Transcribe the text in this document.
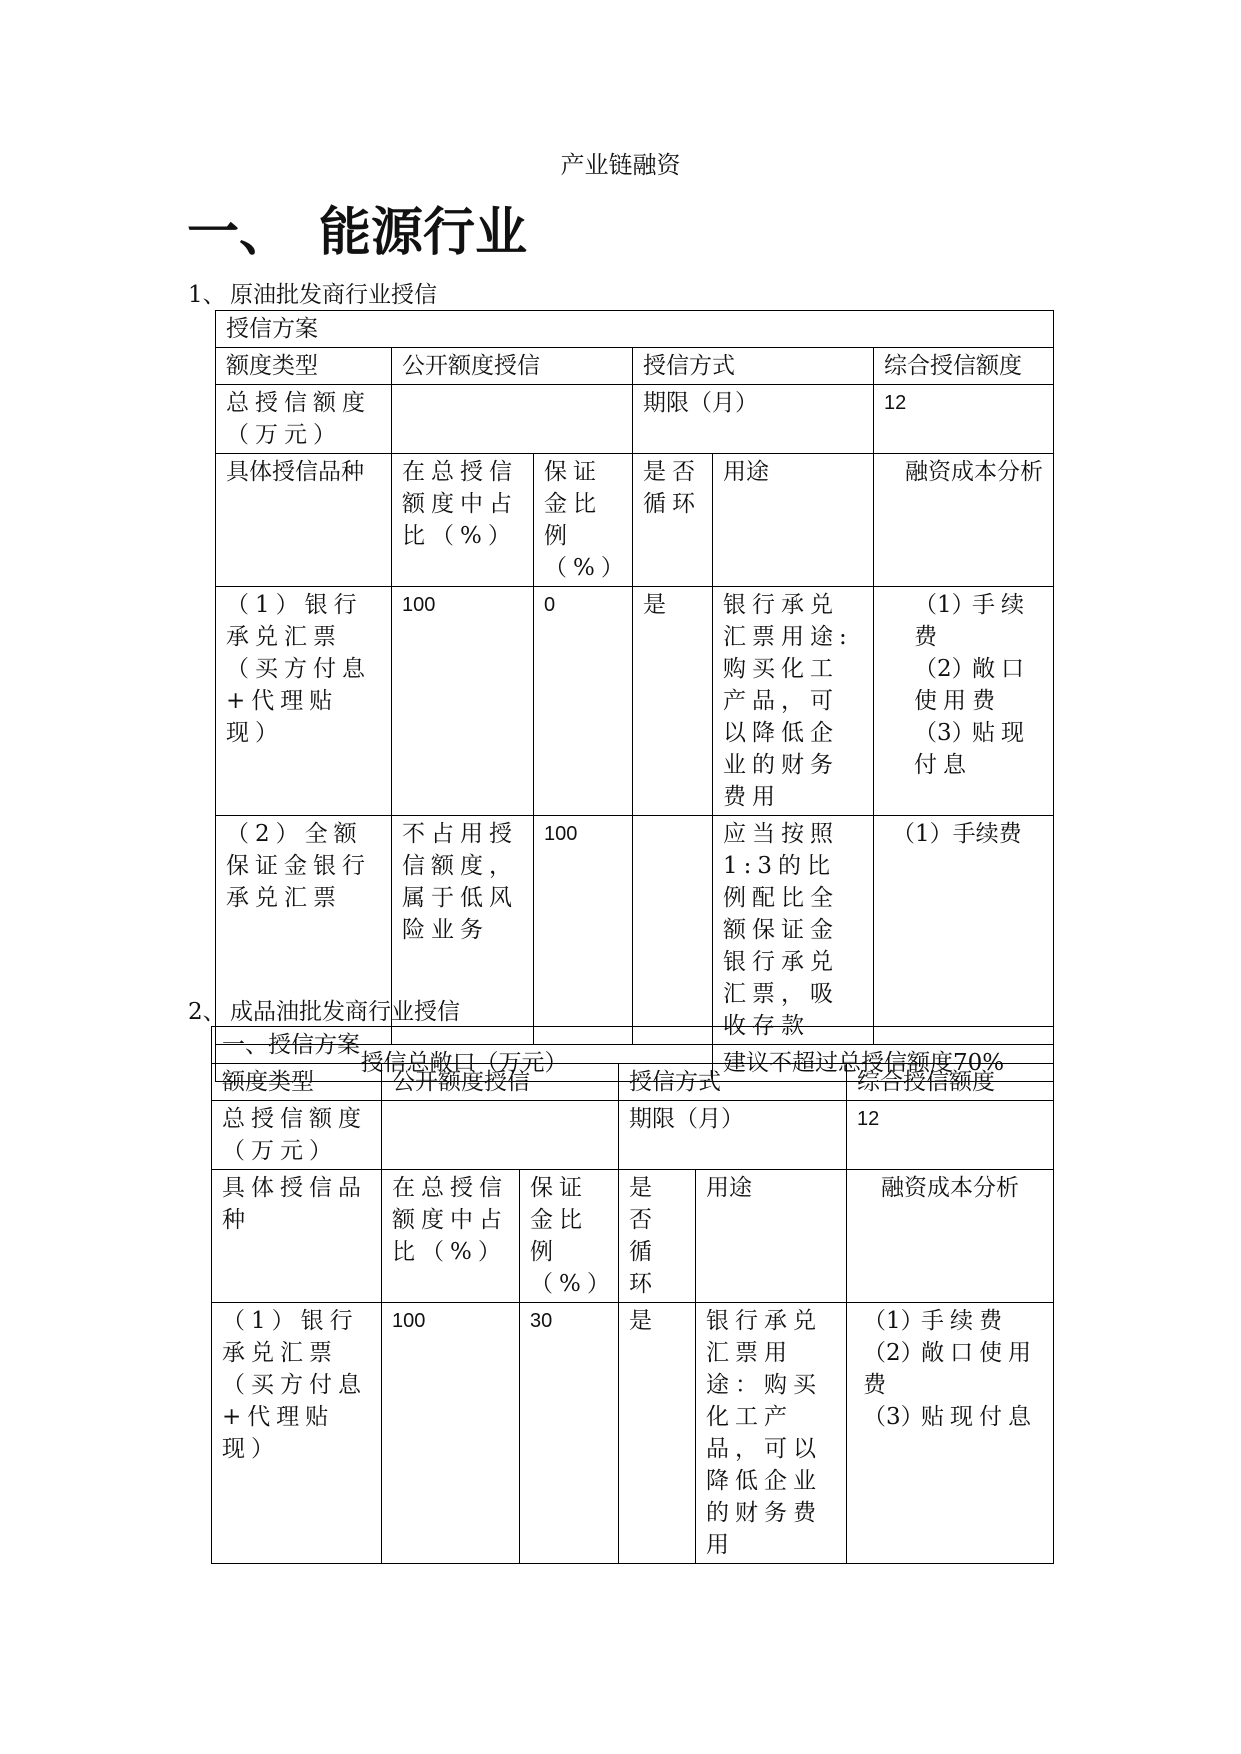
产业链融资
一、 能源行业
1、 原油批发商行业授信
授信方案					
额度类型	公开额度授信		授信方式		综合授信额度
总授信额度（万元）			期限（月）		12
具体授信品种	在总授信额度中占比（%）	保证金比例（%）	是否循环	用途	融资成本分析
（1）银行承兑汇票（买方付息+代理贴现）	100	0	是	银行承兑汇票用途:购买化工产品，可以降低企业的财务费用	（1）手续费
（2）敞口使用费
（3）贴现付息

（2）全额保证金银行承兑汇票	不占用授信额度，属于低风险业务	100		应当按照1:3的比例配比全额保证金银行承兑汇票，吸收存款	（1）手续费
授信总敞口（万元）				建议不超过总授信额度70%	
2、 成品油批发商行业授信
一、授信方案					
额度类型	公开额度授信		授信方式		综合授信额度
总授信额度（万元）			期限（月）		12
具体授信品种	在总授信额度中占比（%）	保证金比例（%）	是否循环	用途	融资成本分析
（1）银行承兑汇票（买方付息+代理贴现）	100	30	是	银行承兑汇票用途：购买化工产品，可以降低企业的财务费用	（1）手续费
（2）敞口使用费
（3）贴现付息
